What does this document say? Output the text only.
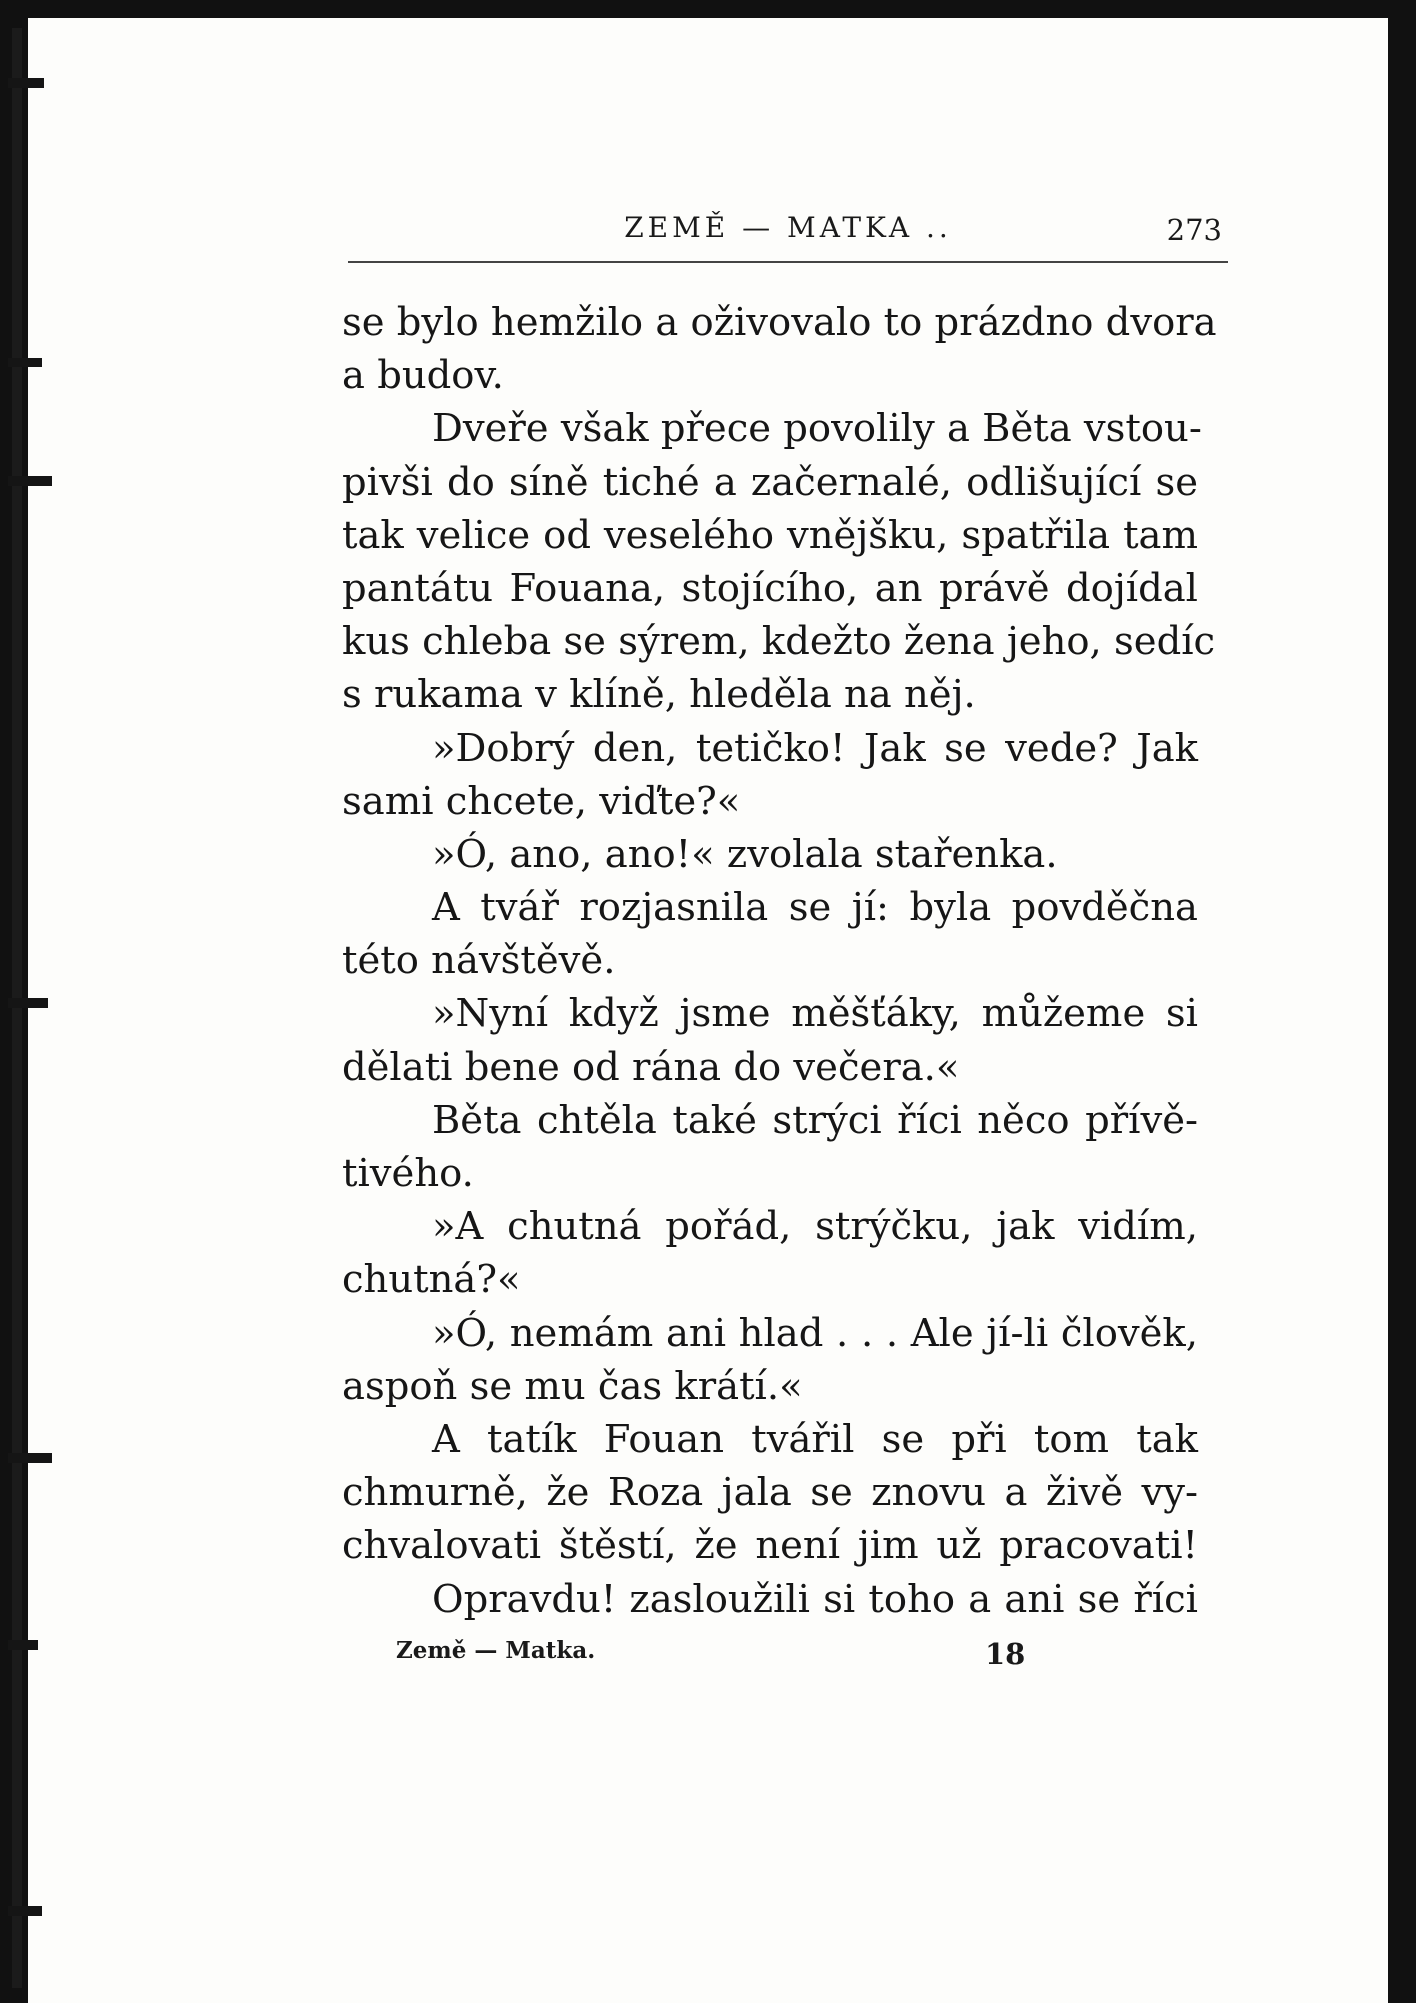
ZEMĚ — MATKA ..	273
se bylo hemžilo a oživovalo to prázdno dvora
a budov.
Dveře však přece povolily a Běta vstou-
pivši do síně tiché a začernalé, odlišující se
tak velice od veselého vnějšku, spatřila tam
pantátu Fouana, stojícího, an právě dojídal
kus chleba se sýrem, kdežto žena jeho, sedíc
s rukama v klíně, hleděla na něj.
»Dobrý den, tetičko! Jak se vede? Jak
sami chcete, viďte?«
»Ó, ano, ano!« zvolala stařenka.
A tvář rozjasnila se jí: byla povděčna
této návštěvě.
»Nyní když jsme měšťáky, můžeme si
dělati bene od rána do večera.«
Běta chtěla také strýci říci něco přívě-
tivého.
»A chutná pořád, strýčku, jak vidím,
chutná?«
»Ó, nemám ani hlad . . . Ale jí-li člověk,
aspoň se mu čas krátí.«
A tatík Fouan tvářil se při tom tak
chmurně, že Roza jala se znovu a živě vy-
chvalovati štěstí, že není jim už pracovati!
Opravdu! zasloužili si toho a ani se říci
Země — Matka.	18
